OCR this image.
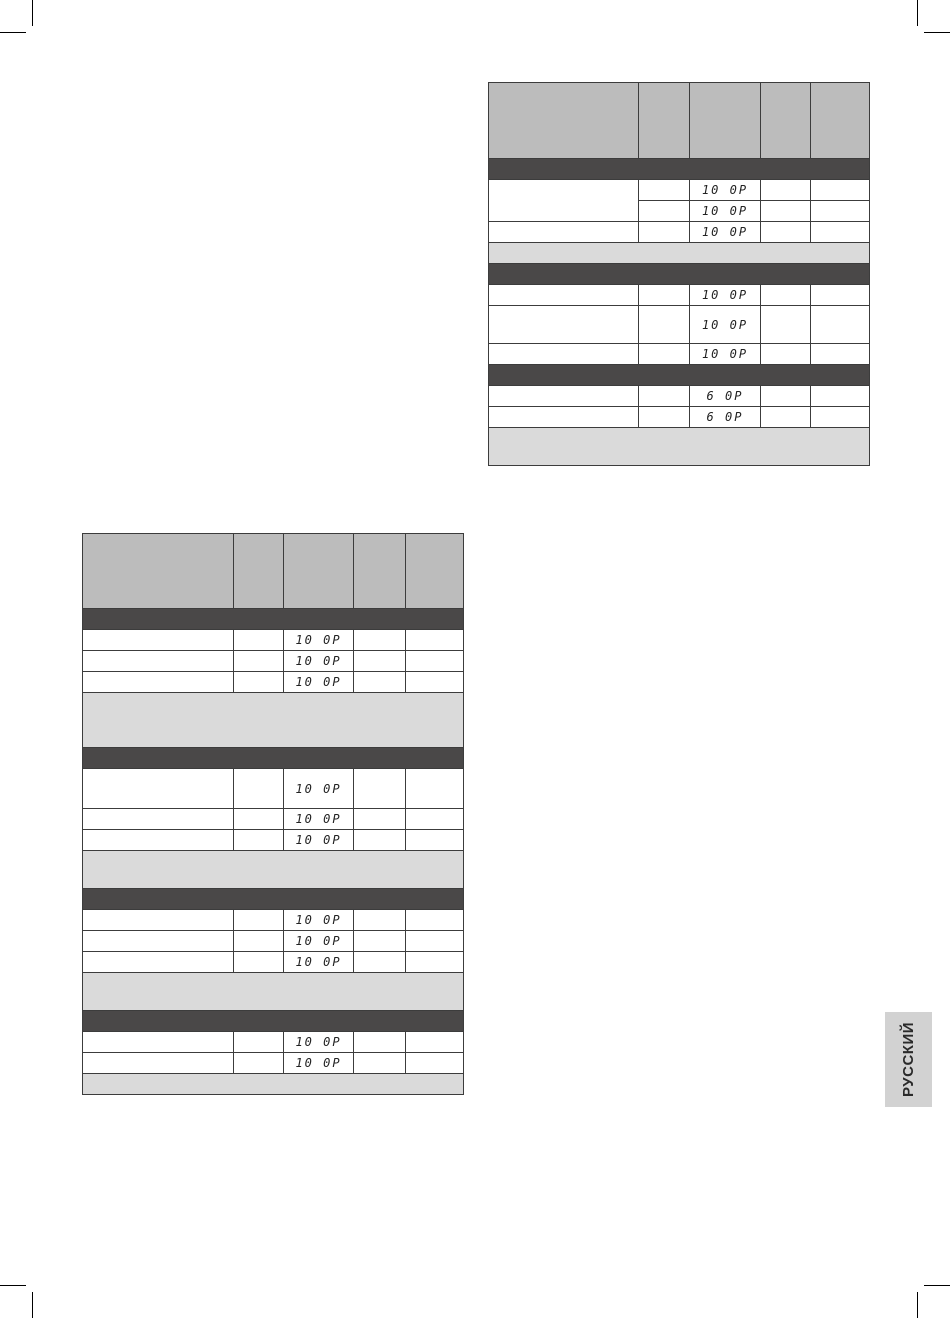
		10 0P		
		10 0P		
		10 0P		

		10 0P		
		10 0P		
		10 0P		

		6 0P		
		6 0P		

		10 0P		
		10 0P		
		10 0P		

		10 0P		
		10 0P		
		10 0P		

		10 0P		
		10 0P		
		10 0P		

		10 0P		
		10 0P			РУССКИЙ
